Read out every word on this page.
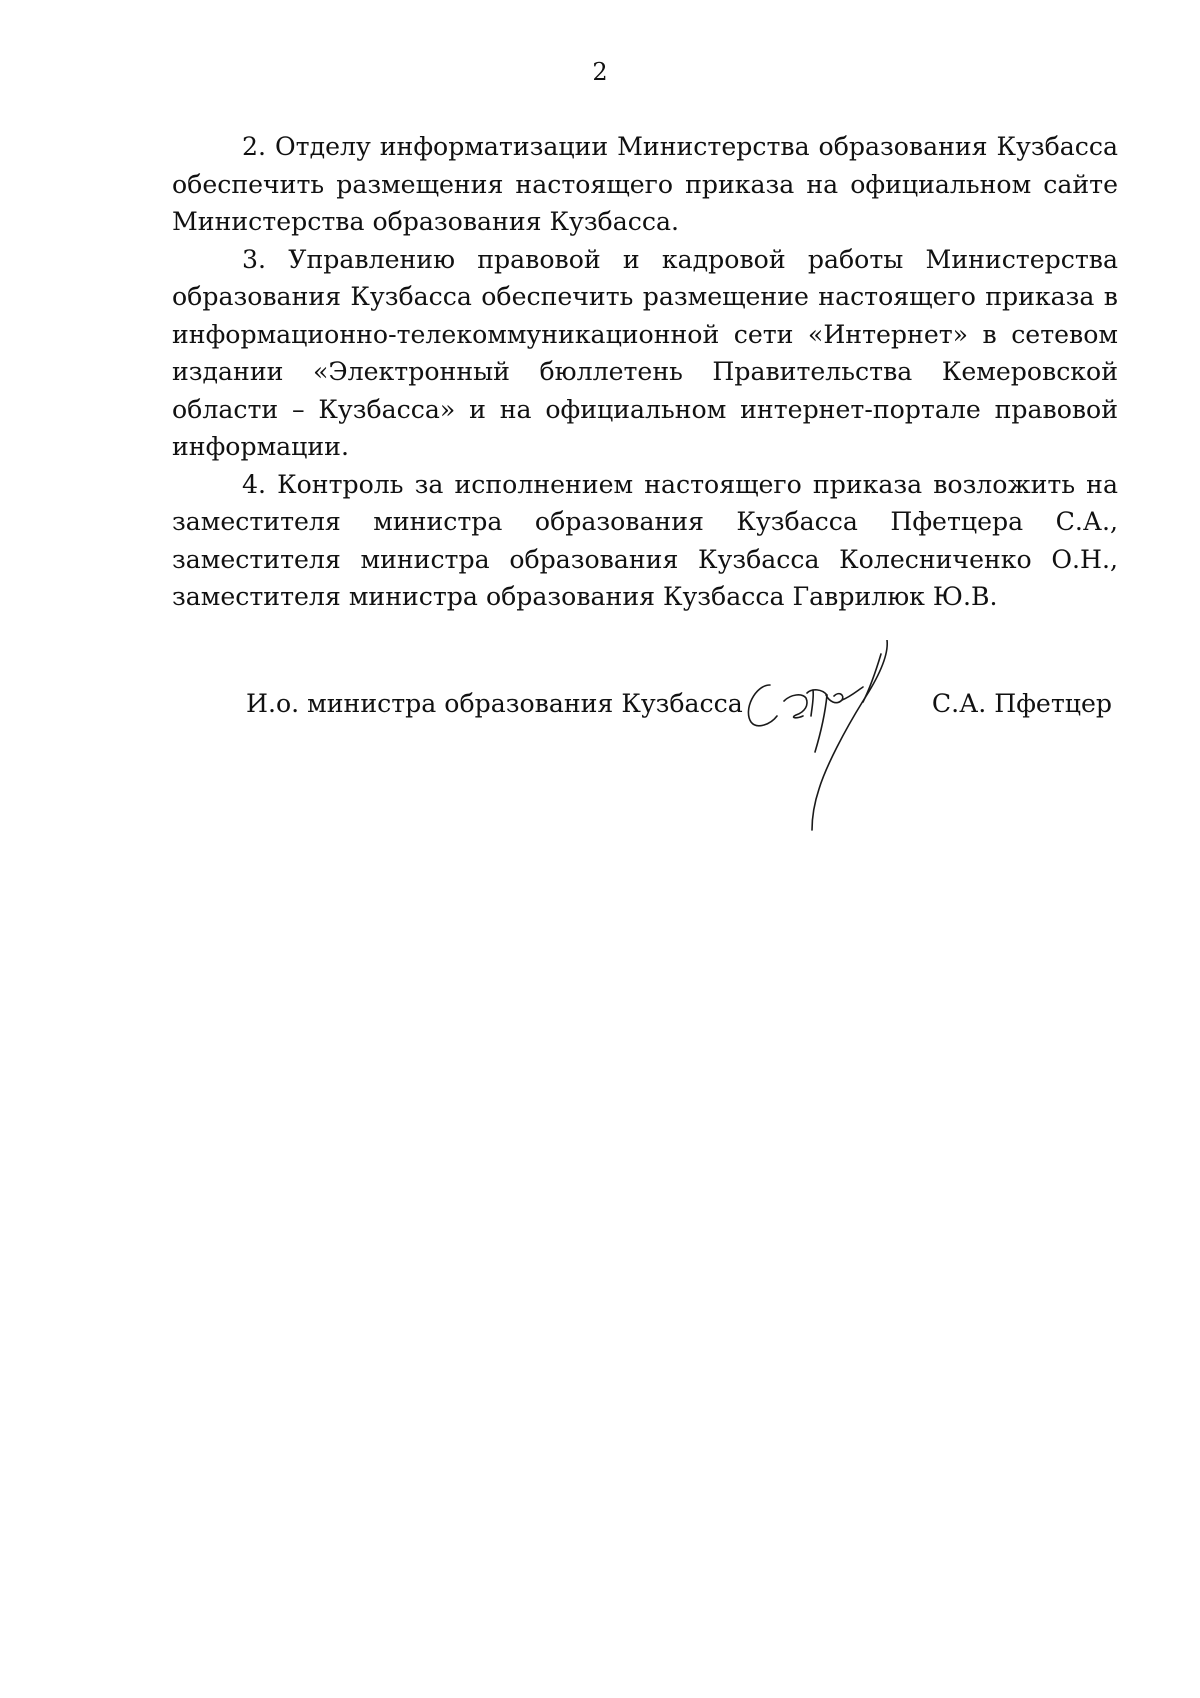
2

2. Отделу информатизации Министерства образования Кузбасса обеспечить размещения настоящего приказа на официальном сайте Министерства образования Кузбасса.

3. Управлению правовой и кадровой работы Министерства образования Кузбасса обеспечить размещение настоящего приказа в информационно-телекоммуникационной сети «Интернет» в сетевом издании «Электронный бюллетень Правительства Кемеровской области – Кузбасса» и на официальном интернет-портале правовой информации.

4. Контроль за исполнением настоящего приказа возложить на заместителя министра образования Кузбасса Пфетцера С.А., заместителя министра образования Кузбасса Колесниченко О.Н., заместителя министра образования Кузбасса Гаврилюк Ю.В.

И.о. министра образования Кузбасса	С.А. Пфетцер
